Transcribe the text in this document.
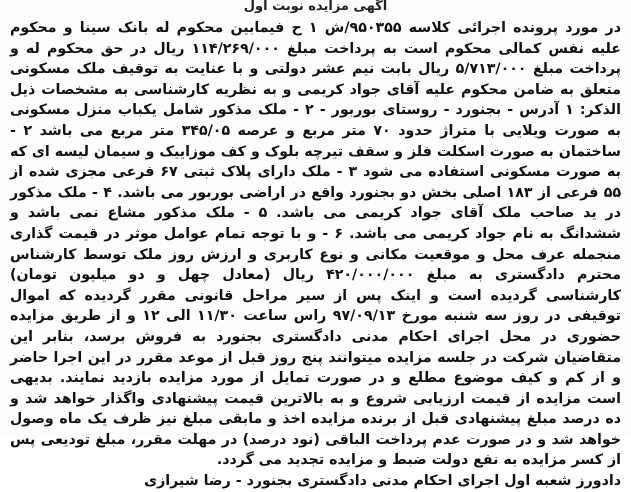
آگهی مزایده نوبت اول

در مورد پرونده اجرائی کلاسه ۹۵۰۳۵۵/ش ۱ ح فیمابین محکوم له بانک سینا و محکوم علیه نفس کمالی محکوم است به پرداخت مبلغ ۱۱۴/۲۶۹/۰۰۰ ریال در حق محکوم له و پرداخت مبلغ ۵/۷۱۳/۰۰۰ ریال بابت نیم عشر دولتی و با عنایت به توقیف ملک مسکونی متعلق به ضامن محکوم علیه آقای جواد کریمی و به نظریه کارشناسی به مشخصات ذیل الذکر: ۱ آدرس - بجنورد - روستای بوربور - ۲ - ملک مذکور شامل یکباب منزل مسکونی به صورت ویلایی با متراژ حدود ۷۰ متر مربع و عرصه ۳۴۵/۰۵ متر مربع می باشد ۲ - ساختمان به صورت اسکلت فلز و سقف تیرچه بلوک و کف موزاییک و سیمان لیسه ای که به صورت مسکونی استفاده می شود ۳ - ملک دارای پلاک ثبتی ۶۷ فرعی مجزی شده از ۵۵ فرعی از ۱۸۳ اصلی بخش دو بجنورد واقع در اراضی بوربور می باشد. ۴ - ملک مذکور در ید صاحب ملک آقای جواد کریمی می باشد. ۵ - ملک مذکور مشاع نمی باشد و ششدانگ به نام جواد کریمی می باشد. ۶ - و با توجه تمام عوامل موثر در قیمت گذاری منجمله عرف محل و موقعیت مکانی و نوع کاربری و ارزش روز ملک توسط کارشناس محترم دادگستری به مبلغ ۴۲۰/۰۰۰/۰۰۰ ریال (معادل چهل و دو میلیون تومان) کارشناسی گردیده است و اینک پس از سیر مراحل قانونی مقرر گردیده که اموال توقیفی در روز سه شنبه مورخ ۹۷/۰۹/۱۳ راس ساعت ۱۱/۳۰ الی ۱۲ و از طریق مزایده حضوری در محل اجرای احکام مدنی دادگستری بجنورد به فروش برسد، بنابر این متقاضیان شرکت در جلسه مزایده میتوانند پنج روز قبل از موعد مقرر در این اجرا حاضر و از کم و کیف موضوع مطلع و در صورت تمایل از مورد مزایده بازدید نمایند. بدیهی است مزایده از قیمت ارزیابی شروع و به بالاترین قیمت پیشنهادی واگذار خواهد شد و ده درصد مبلغ پیشنهادی قبل از برنده مزایده اخذ و مابقی مبلغ نیز ظرف یک ماه وصول خواهد شد و در صورت عدم پرداخت الباقی (نود درصد) در مهلت مقرر، مبلغ تودیعی پس از کسر مزایده به نفع دولت ضبط و مزایده تجدید می گردد.

دادورز شعبه اول اجرای احکام مدنی دادگستری بجنورد - رضا شیرازی
